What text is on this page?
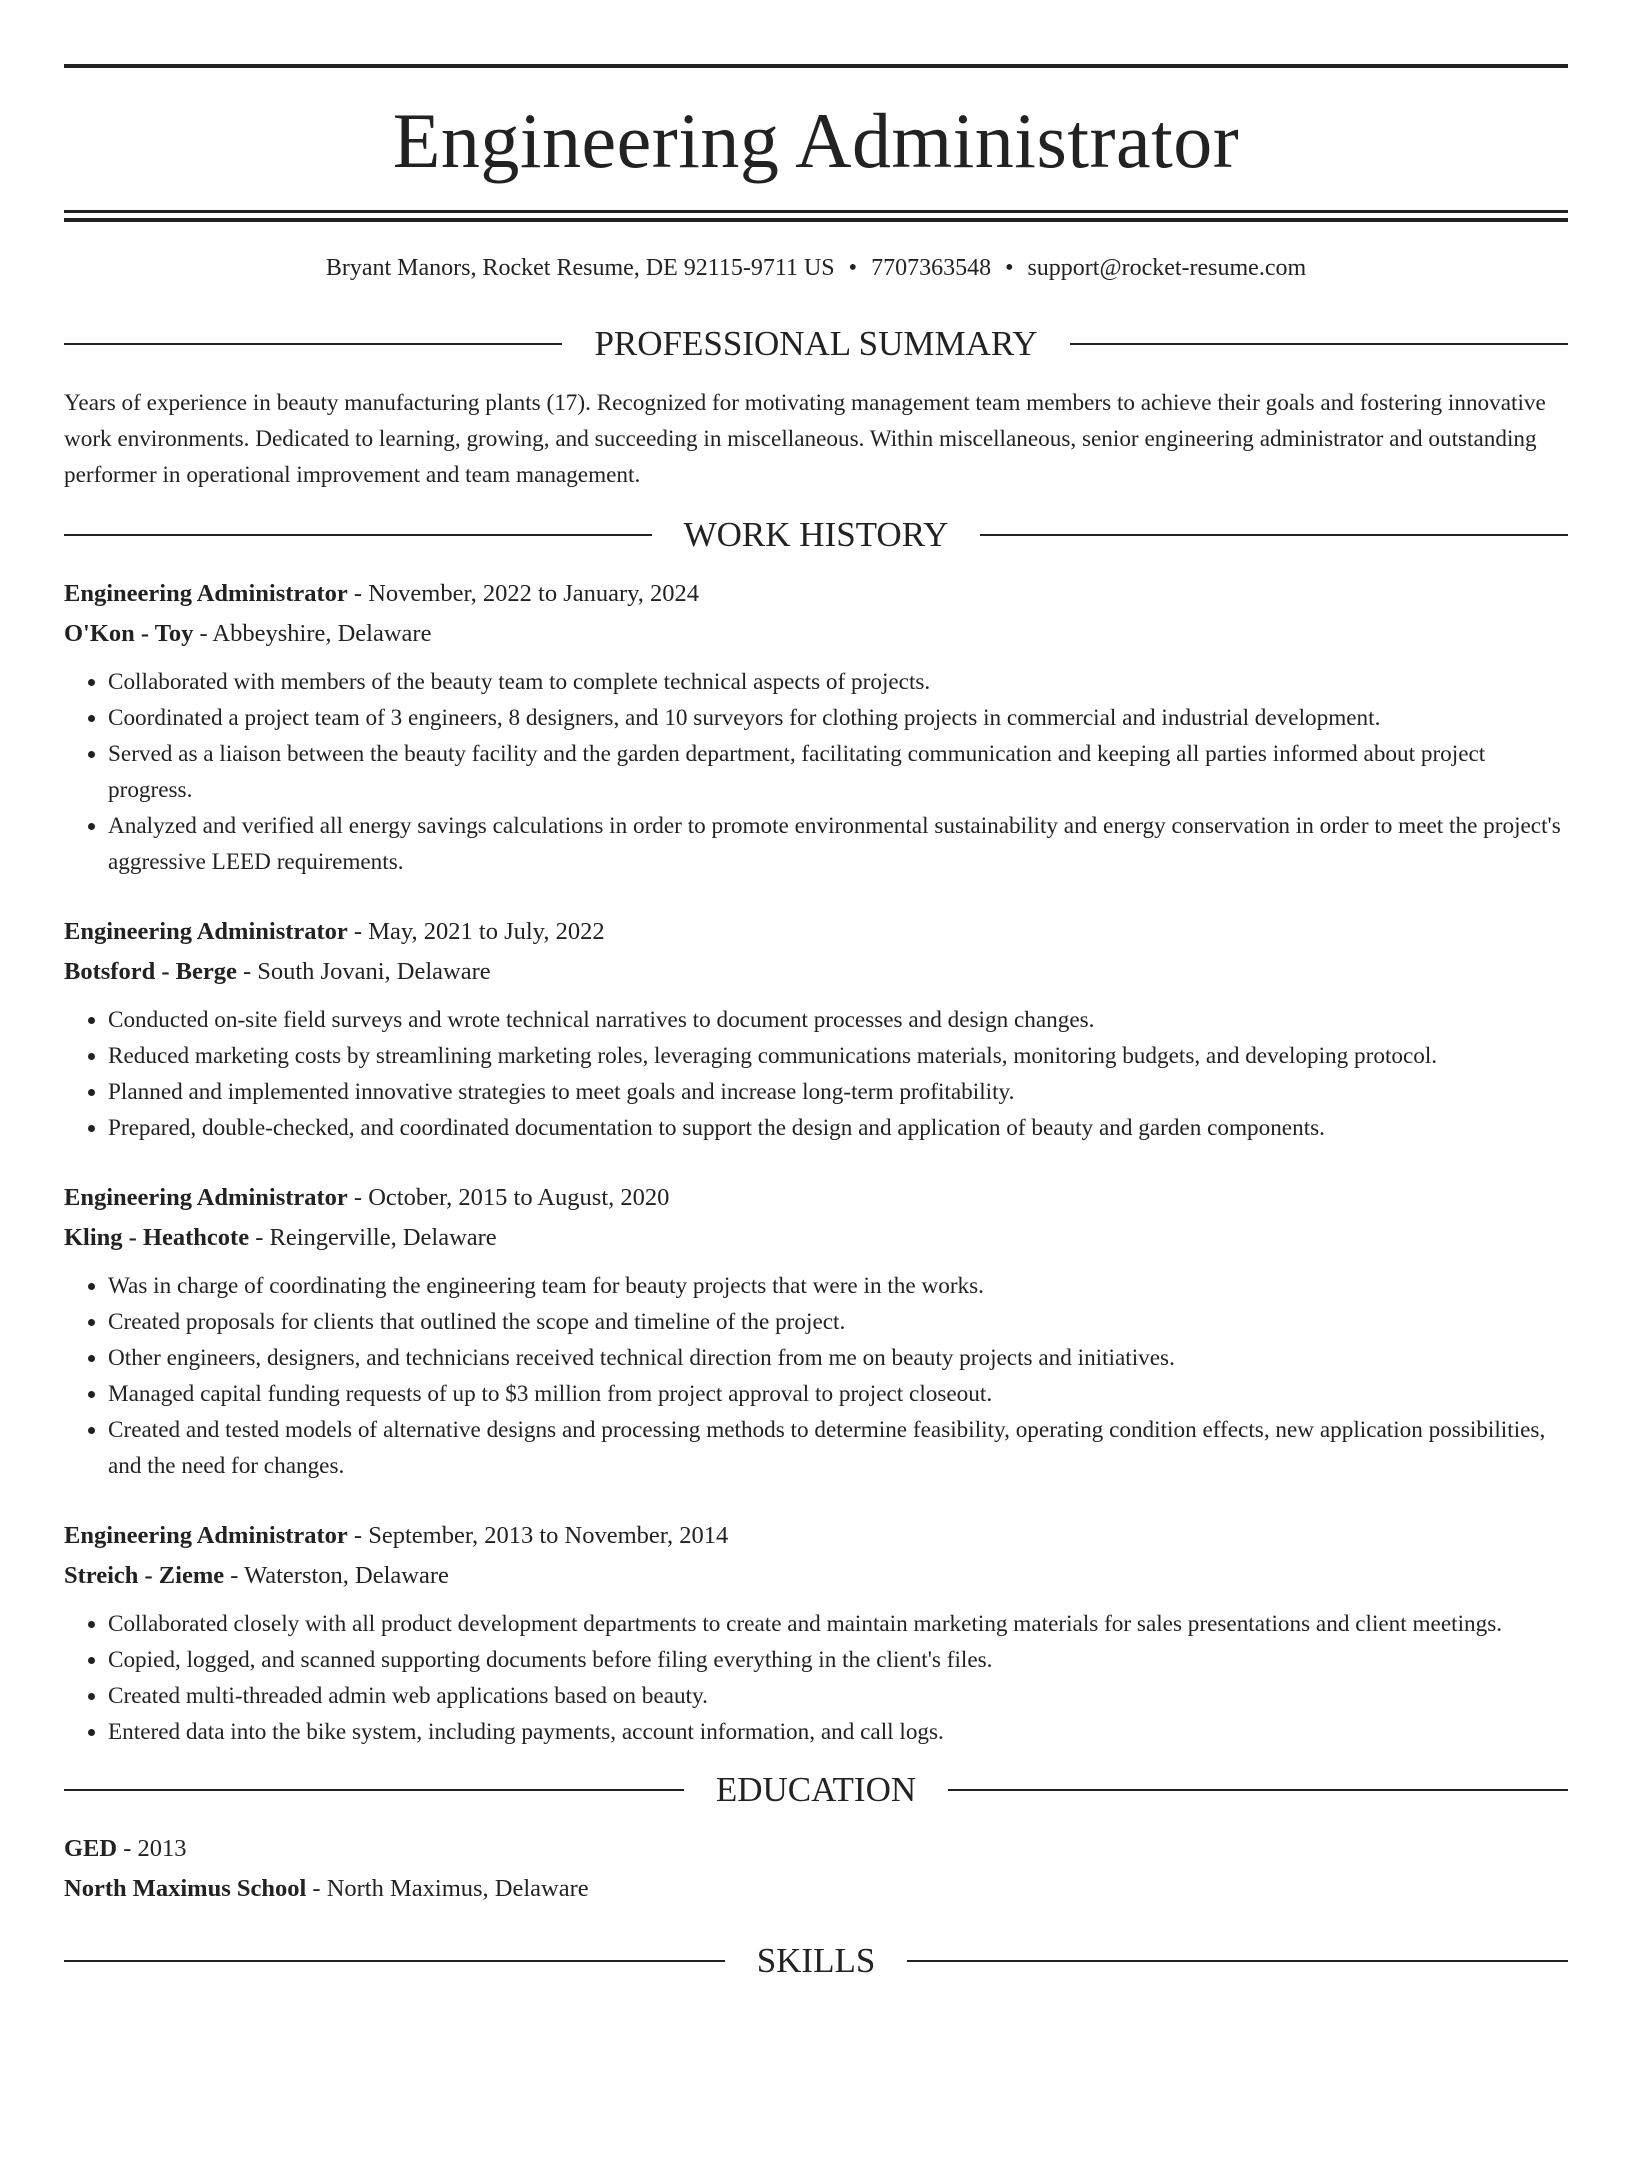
Engineering Administrator
Bryant Manors, Rocket Resume, DE 92115-9711 US • 7707363548 • support@rocket-resume.com
PROFESSIONAL SUMMARY
Years of experience in beauty manufacturing plants (17). Recognized for motivating management team members to achieve their goals and fostering innovative work environments. Dedicated to learning, growing, and succeeding in miscellaneous. Within miscellaneous, senior engineering administrator and outstanding performer in operational improvement and team management.
WORK HISTORY
Engineering Administrator - November, 2022 to January, 2024
O'Kon - Toy - Abbeyshire, Delaware
• Collaborated with members of the beauty team to complete technical aspects of projects.
• Coordinated a project team of 3 engineers, 8 designers, and 10 surveyors for clothing projects in commercial and industrial development.
• Served as a liaison between the beauty facility and the garden department, facilitating communication and keeping all parties informed about project progress.
• Analyzed and verified all energy savings calculations in order to promote environmental sustainability and energy conservation in order to meet the project's aggressive LEED requirements.
Engineering Administrator - May, 2021 to July, 2022
Botsford - Berge - South Jovani, Delaware
• Conducted on-site field surveys and wrote technical narratives to document processes and design changes.
• Reduced marketing costs by streamlining marketing roles, leveraging communications materials, monitoring budgets, and developing protocol.
• Planned and implemented innovative strategies to meet goals and increase long-term profitability.
• Prepared, double-checked, and coordinated documentation to support the design and application of beauty and garden components.
Engineering Administrator - October, 2015 to August, 2020
Kling - Heathcote - Reingerville, Delaware
• Was in charge of coordinating the engineering team for beauty projects that were in the works.
• Created proposals for clients that outlined the scope and timeline of the project.
• Other engineers, designers, and technicians received technical direction from me on beauty projects and initiatives.
• Managed capital funding requests of up to $3 million from project approval to project closeout.
• Created and tested models of alternative designs and processing methods to determine feasibility, operating condition effects, new application possibilities, and the need for changes.
Engineering Administrator - September, 2013 to November, 2014
Streich - Zieme - Waterston, Delaware
• Collaborated closely with all product development departments to create and maintain marketing materials for sales presentations and client meetings.
• Copied, logged, and scanned supporting documents before filing everything in the client's files.
• Created multi-threaded admin web applications based on beauty.
• Entered data into the bike system, including payments, account information, and call logs.
EDUCATION
GED - 2013
North Maximus School - North Maximus, Delaware
SKILLS
